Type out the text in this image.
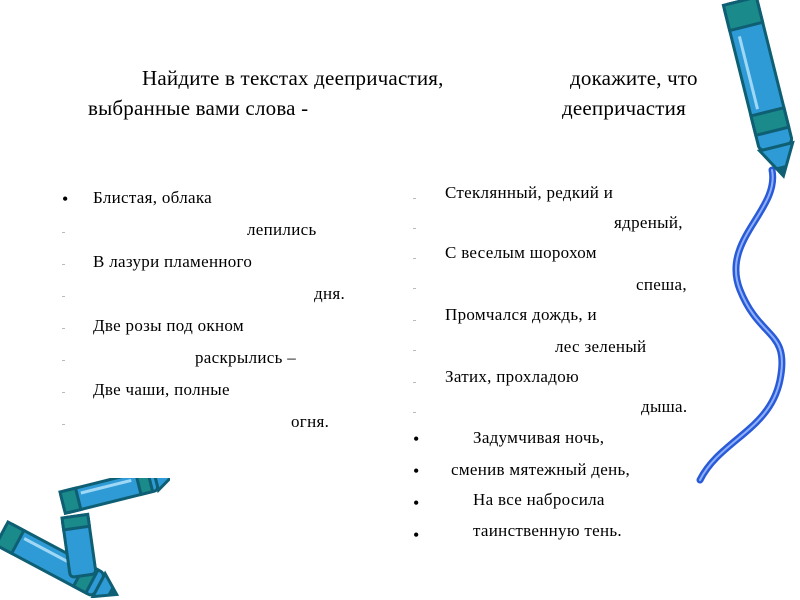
Найдите в текстах деепричастия,	докажите, что
выбранные вами слова -	деепричастия
• Блистая, облака
лепились
В лазури пламенного
дня.
Две розы под окном
раскрылись –
Две чаши, полные
огня.
Стеклянный, редкий и
ядреный,
С веселым шорохом
спеша,
Промчался дождь, и
лес зеленый
Затих, прохладою
дыша.
•	Задумчивая ночь,
• сменив мятежный день,
•	На все набросила
•	таинственную тень.
